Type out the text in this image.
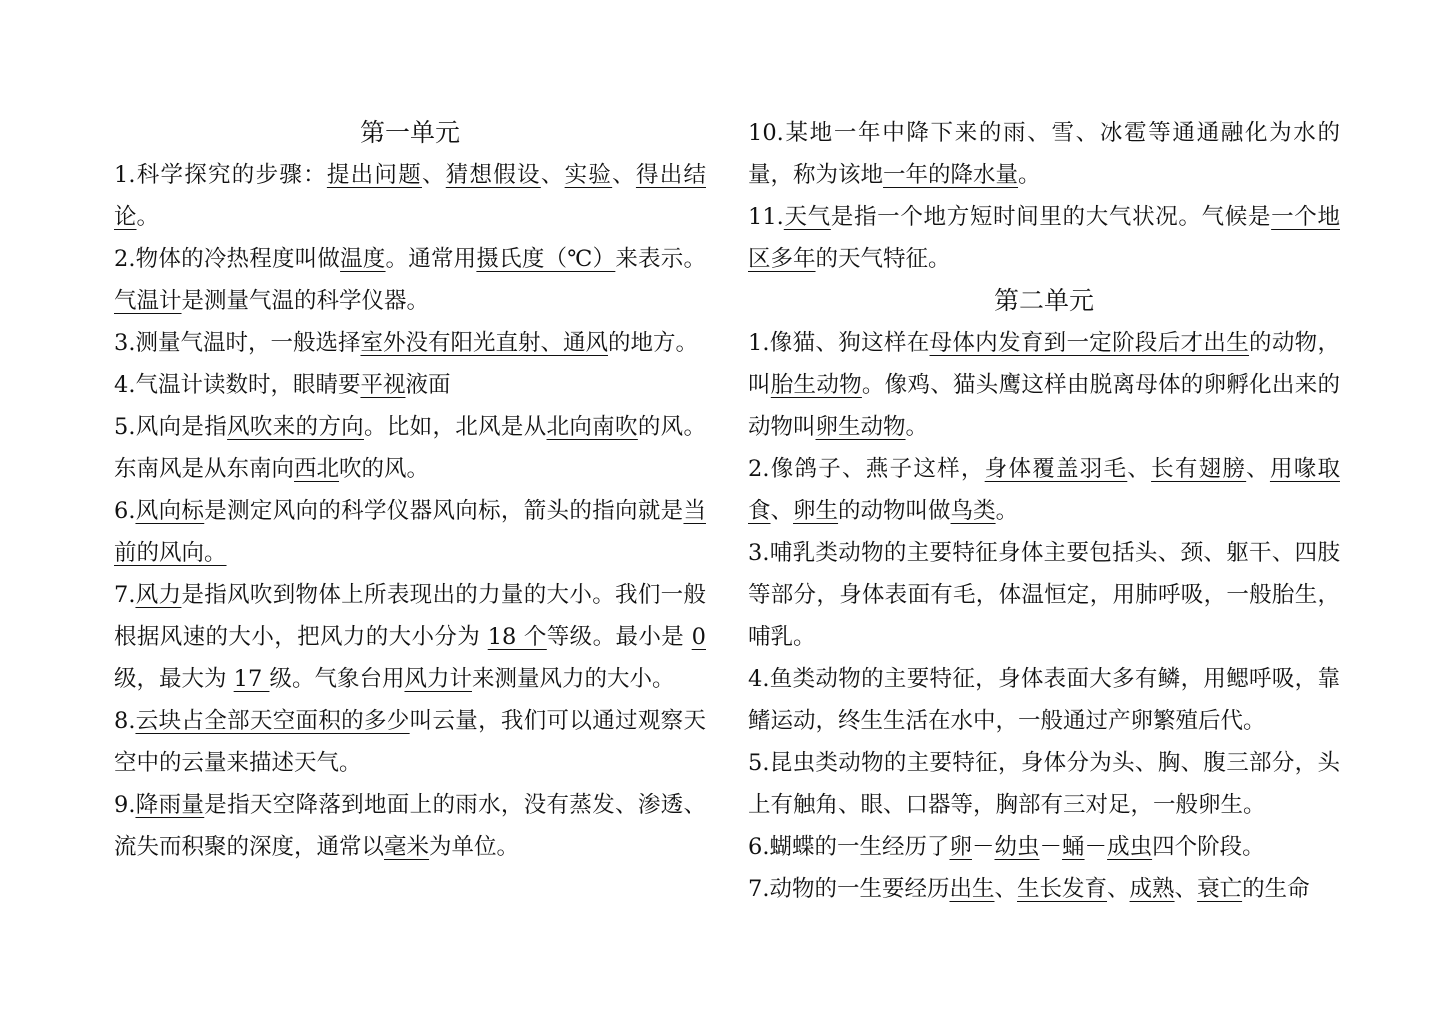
第一单元

1.科学探究的步骤：提出问题、猜想假设、实验、得出结论。

2.物体的冷热程度叫做温度。通常用摄氏度（℃）来表示。气温计是测量气温的科学仪器。

3.测量气温时，一般选择室外没有阳光直射、通风的地方。

4.气温计读数时，眼睛要平视液面

5.风向是指风吹来的方向。比如，北风是从北向南吹的风。东南风是从东南向西北吹的风。

6.风向标是测定风向的科学仪器风向标，箭头的指向就是当前的风向。

7.风力是指风吹到物体上所表现出的力量的大小。我们一般根据风速的大小，把风力的大小分为 18 个等级。最小是 0 级，最大为 17 级。气象台用风力计来测量风力的大小。

8.云块占全部天空面积的多少叫云量，我们可以通过观察天空中的云量来描述天气。

9.降雨量是指天空降落到地面上的雨水，没有蒸发、渗透、流失而积聚的深度，通常以毫米为单位。

10.某地一年中降下来的雨、雪、冰雹等通通融化为水的量，称为该地一年的降水量。

11.天气是指一个地方短时间里的大气状况。气候是一个地区多年的天气特征。

第二单元

1.像猫、狗这样在母体内发育到一定阶段后才出生的动物，叫胎生动物。像鸡、猫头鹰这样由脱离母体的卵孵化出来的动物叫卵生动物。

2.像鸽子、燕子这样，身体覆盖羽毛、长有翅膀、用喙取食、卵生的动物叫做鸟类。

3.哺乳类动物的主要特征身体主要包括头、颈、躯干、四肢等部分，身体表面有毛，体温恒定，用肺呼吸，一般胎生，哺乳。

4.鱼类动物的主要特征，身体表面大多有鳞，用鳃呼吸，靠鳍运动，终生生活在水中，一般通过产卵繁殖后代。

5.昆虫类动物的主要特征，身体分为头、胸、腹三部分，头上有触角、眼、口器等，胸部有三对足，一般卵生。

6.蝴蝶的一生经历了卵－幼虫－蛹－成虫四个阶段。

7.动物的一生要经历出生、生长发育、成熟、衰亡的生命
